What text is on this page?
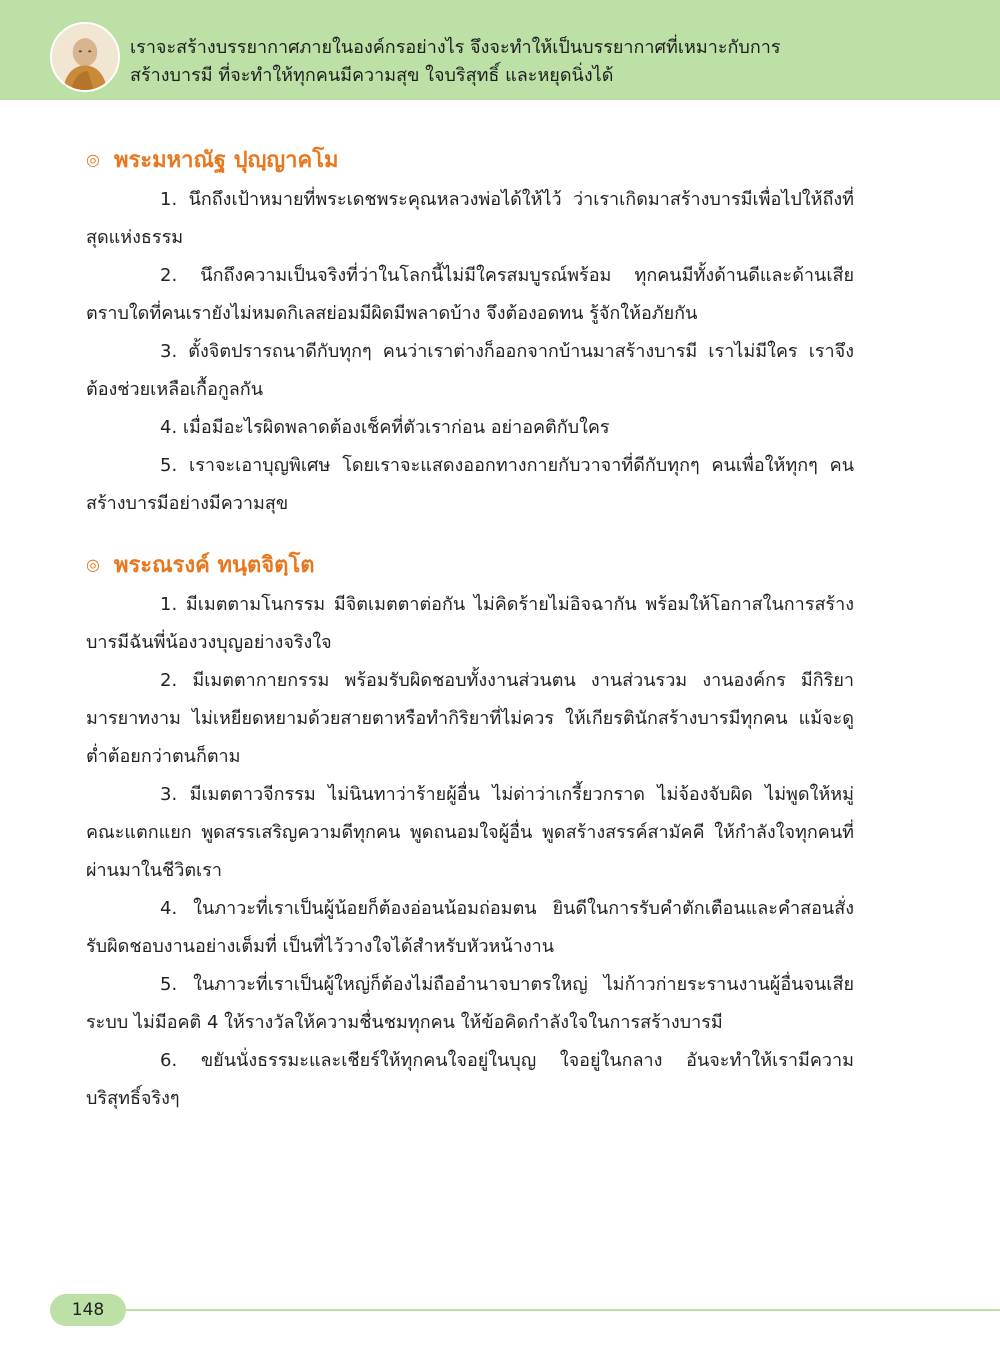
เราจะสร้างบรรยากาศภายในองค์กรอย่างไร จึงจะทำให้เป็นบรรยากาศที่เหมาะกับการ
สร้างบารมี ที่จะทำให้ทุกคนมีความสุข ใจบริสุทธิ์ และหยุดนิ่งได้
◎ พระมหาณัฐ ปุญฺญาคโม

1. นึกถึงเป้าหมายที่พระเดชพระคุณหลวงพ่อได้ให้ไว้ ว่าเราเกิดมาสร้างบารมีเพื่อไปให้ถึงที่สุดแห่งธรรม

2. นึกถึงความเป็นจริงที่ว่าในโลกนี้ไม่มีใครสมบูรณ์พร้อม ทุกคนมีทั้งด้านดีและด้านเสีย ตราบใดที่คนเรายังไม่หมดกิเลสย่อมมีผิดมีพลาดบ้าง จึงต้องอดทน รู้จักให้อภัยกัน

3. ตั้งจิตปรารถนาดีกับทุกๆ คนว่าเราต่างก็ออกจากบ้านมาสร้างบารมี เราไม่มีใคร เราจึงต้องช่วยเหลือเกื้อกูลกัน

4. เมื่อมีอะไรผิดพลาดต้องเช็คที่ตัวเราก่อน อย่าอคติกับใคร

5. เราจะเอาบุญพิเศษ โดยเราจะแสดงออกทางกายกับวาจาที่ดีกับทุกๆ คนเพื่อให้ทุกๆ คนสร้างบารมีอย่างมีความสุข

◎ พระณรงค์ ทนฺตจิตฺโต

1. มีเมตตามโนกรรม มีจิตเมตตาต่อกัน ไม่คิดร้ายไม่อิจฉากัน พร้อมให้โอกาสในการสร้างบารมีฉันพี่น้องวงบุญอย่างจริงใจ

2. มีเมตตากายกรรม พร้อมรับผิดชอบทั้งงานส่วนตน งานส่วนรวม งานองค์กร มีกิริยามารยาทงาม ไม่เหยียดหยามด้วยสายตาหรือทำกิริยาที่ไม่ควร ให้เกียรตินักสร้างบารมีทุกคน แม้จะดูต่ำต้อยกว่าตนก็ตาม

3. มีเมตตาวจีกรรม ไม่นินทาว่าร้ายผู้อื่น ไม่ด่าว่าเกรี้ยวกราด ไม่จ้องจับผิด ไม่พูดให้หมู่คณะแตกแยก พูดสรรเสริญความดีทุกคน พูดถนอมใจผู้อื่น พูดสร้างสรรค์สามัคคี ให้กำลังใจทุกคนที่ผ่านมาในชีวิตเรา

4. ในภาวะที่เราเป็นผู้น้อยก็ต้องอ่อนน้อมถ่อมตน ยินดีในการรับคำตักเตือนและคำสอนสั่ง รับผิดชอบงานอย่างเต็มที่ เป็นที่ไว้วางใจได้สำหรับหัวหน้างาน

5. ในภาวะที่เราเป็นผู้ใหญ่ก็ต้องไม่ถืออำนาจบาตรใหญ่ ไม่ก้าวก่ายระรานงานผู้อื่นจนเสียระบบ ไม่มีอคติ 4 ให้รางวัลให้ความชื่นชมทุกคน ให้ข้อคิดกำลังใจในการสร้างบารมี

6. ขยันนั่งธรรมะและเชียร์ให้ทุกคนใจอยู่ในบุญ ใจอยู่ในกลาง อันจะทำให้เรามีความบริสุทธิ์จริงๆ

148
